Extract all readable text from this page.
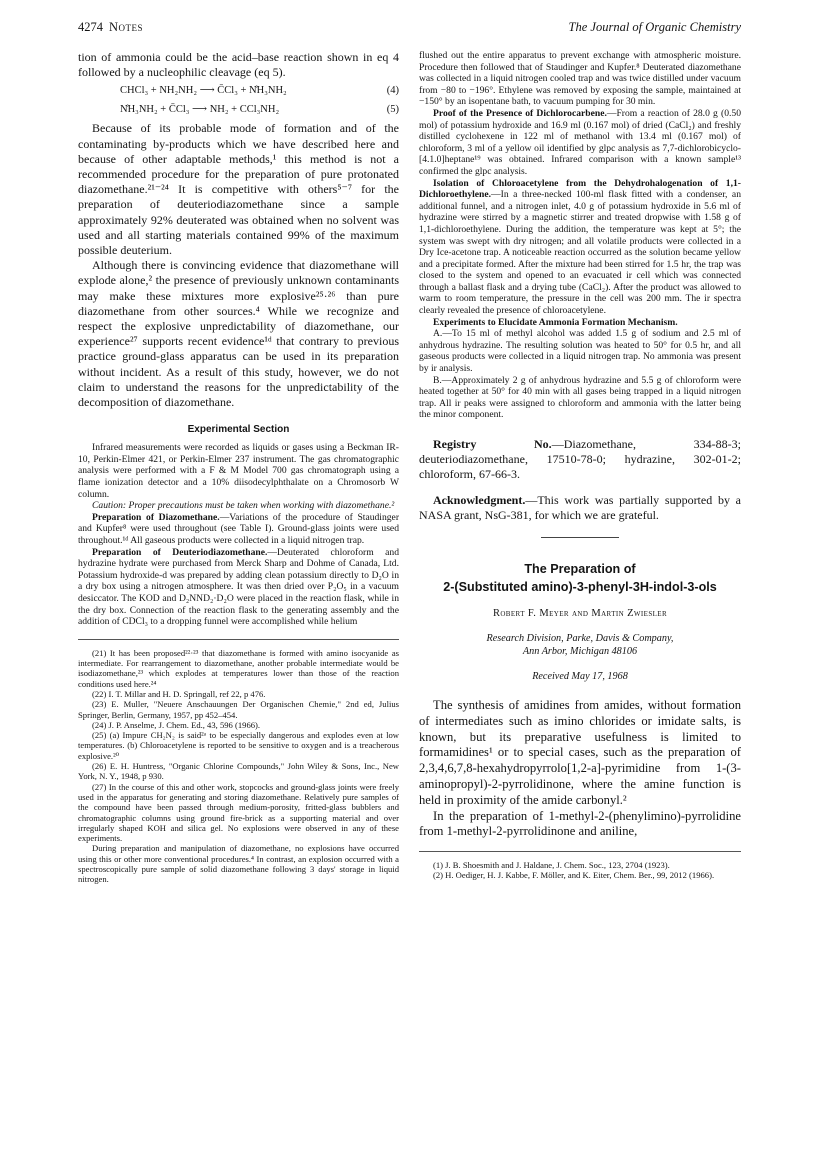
4274 Notes	The Journal of Organic Chemistry

tion of ammonia could be the acid–base reaction shown in eq 4 followed by a nucleophilic cleavage (eq 5).

CHCl₃ + NH₂NH₂ ⟶ C̄Cl₃ + N̊H₃NH₂	(4)
N̊H₃NH₂ + C̄Cl₃ ⟶ NH₂ + CCl₃NH₂	(5)

Because of its probable mode of formation and of the contaminating by-products which we have described here and because of other adaptable methods,¹ this method is not a recommended procedure for the preparation of pure protonated diazomethane.²¹⁻²⁴ It is competitive with others⁵⁻⁷ for the preparation of deuteriodiazomethane since a sample approximately 92% deuterated was obtained when no solvent was used and all starting materials contained 99% of the maximum possible deuterium.

Although there is convincing evidence that diazomethane will explode alone,² the presence of previously unknown contaminants may make these mixtures more explosive²⁵·²⁶ than pure diazomethane from other sources.⁴ While we recognize and respect the explosive unpredictability of diazomethane, our experience²⁷ supports recent evidence¹ᵈ that contrary to previous practice ground-glass apparatus can be used in its preparation without incident. As a result of this study, however, we do not claim to understand the reasons for the unpredictability of the decomposition of diazomethane.

Experimental Section

Infrared measurements were recorded as liquids or gases using a Beckman IR-10, Perkin-Elmer 421, or Perkin-Elmer 237 instrument. The gas chromatographic analysis were performed with a F & M Model 700 gas chromatograph using a flame ionization detector and a 10% diisodecylphthalate on a Chromosorb W column.

Caution: Proper precautions must be taken when working with diazomethane.²

Preparation of Diazomethane.—Variations of the procedure of Staudinger and Kupfer⁸ were used throughout (see Table I). Ground-glass joints were used throughout.¹ᵈ All gaseous products were collected in a liquid nitrogen trap.

Preparation of Deuteriodiazomethane.—Deuterated chloroform and hydrazine hydrate were purchased from Merck Sharp and Dohme of Canada, Ltd. Potassium hydroxide-d was prepared by adding clean potassium directly to D₂O in a dry box using a nitrogen atmosphere. It was then dried over P₂O₅ in a vacuum desiccator. The KOD and D₂NND₂·D₂O were placed in the reaction flask, while in the dry box. Connection of the reaction flask to the generating assembly and the addition of CDCl₃ to a dropping funnel were accomplished while helium

(21) It has been proposed²²·²³ that diazomethane is formed with amino isocyanide as intermediate. For rearrangement to diazomethane, another probable intermediate would be isodiazomethane,²³ which explodes at temperatures lower than those of the reaction conditions used here.²⁴

(22) I. T. Millar and H. D. Springall, ref 22, p 476.

(23) E. Muller, "Neuere Anschauungen Der Organischen Chemie," 2nd ed, Julius Springer, Berlin, Germany, 1957, pp 452–454.

(24) J. P. Anselme, J. Chem. Ed., 43, 596 (1966).

(25) (a) Impure CH₂N₂ is said²ᵃ to be especially dangerous and explodes even at low temperatures. (b) Chloroacetylene is reported to be sensitive to oxygen and is a treacherous explosive.²⁰

(26) E. H. Huntress, "Organic Chlorine Compounds," John Wiley & Sons, Inc., New York, N. Y., 1948, p 930.

(27) In the course of this and other work, stopcocks and ground-glass joints were freely used in the apparatus for generating and storing diazomethane. Relatively pure samples of the compound have been passed through medium-porosity, fritted-glass bubblers and chromatographic columns using ground fire-brick as a supporting material and over irregularly shaped KOH and silica gel. No explosions were observed in any of these experiments.

During preparation and manipulation of diazomethane, no explosions have occurred using this or other more conventional procedures.⁴ In contrast, an explosion occurred with a spectroscopically pure sample of solid diazomethane following 3 days' storage in liquid nitrogen.

flushed out the entire apparatus to prevent exchange with atmospheric moisture. Procedure then followed that of Staudinger and Kupfer.⁸ Deuterated diazomethane was collected in a liquid nitrogen cooled trap and was twice distilled under vacuum from −80 to −196°. Ethylene was removed by exposing the sample, maintained at −150° by an isopentane bath, to vacuum pumping for 30 min.

Proof of the Presence of Dichlorocarbene.—From a reaction of 28.0 g (0.50 mol) of potassium hydroxide and 16.9 ml (0.167 mol) of dried (CaCl₂) and freshly distilled cyclohexene in 122 ml of methanol with 13.4 ml (0.167 mol) of chloroform, 3 ml of a yellow oil identified by glpc analysis as 7,7-dichlorobicyclo-[4.1.0]heptane¹⁹ was obtained. Infrared comparison with a known sample¹³ confirmed the glpc analysis.

Isolation of Chloroacetylene from the Dehydrohalogenation of 1,1-Dichloroethylene.—In a three-necked 100-ml flask fitted with a condenser, an additional funnel, and a nitrogen inlet, 4.0 g of potassium hydroxide in 5.6 ml of hydrazine were stirred by a magnetic stirrer and treated dropwise with 1.58 g of 1,1-dichloroethylene. During the addition, the temperature was kept at 5°; the system was swept with dry nitrogen; and all volatile products were collected in a Dry Ice-acetone trap. A noticeable reaction occurred as the solution became yellow and a precipitate formed. After the mixture had been stirred for 1.5 hr, the trap was closed to the system and opened to an evacuated ir cell which was connected through a ballast flask and a drying tube (CaCl₂). After the product was allowed to warm to room temperature, the pressure in the cell was 200 mm. The ir spectra clearly revealed the presence of chloroacetylene.

Experiments to Elucidate Ammonia Formation Mechanism.

A.—To 15 ml of methyl alcohol was added 1.5 g of sodium and 2.5 ml of anhydrous hydrazine. The resulting solution was heated to 50° for 0.5 hr, and all gaseous products were collected in a liquid nitrogen trap. No ammonia was present by ir analysis.

B.—Approximately 2 g of anhydrous hydrazine and 5.5 g of chloroform were heated together at 50° for 40 min with all gases being trapped in a liquid nitrogen trap. All ir peaks were assigned to chloroform and ammonia with the latter being the minor component.

Registry No.—Diazomethane, 334-88-3; deuteriodiazomethane, 17510-78-0; hydrazine, 302-01-2; chloroform, 67-66-3.

Acknowledgment.—This work was partially supported by a NASA grant, NsG-381, for which we are grateful.

The Preparation of
2-(Substituted amino)-3-phenyl-3H-indol-3-ols
Robert F. Meyer and Martin Zwiesler
Research Division, Parke, Davis & Company,
Ann Arbor, Michigan 48106
Received May 17, 1968

The synthesis of amidines from amides, without formation of intermediates such as imino chlorides or imidate salts, is known, but its preparative usefulness is limited to formamidines¹ or to special cases, such as the preparation of 2,3,4,6,7,8-hexahydropyrrolo[1,2-a]-pyrimidine from 1-(3-aminopropyl)-2-pyrrolidinone, where the amine function is held in proximity of the amide carbonyl.²

In the preparation of 1-methyl-2-(phenylimino)-pyrrolidine from 1-methyl-2-pyrrolidinone and aniline,

(1) J. B. Shoesmith and J. Haldane, J. Chem. Soc., 123, 2704 (1923).

(2) H. Oediger, H. J. Kabbe, F. Möller, and K. Eiter, Chem. Ber., 99, 2012 (1966).
